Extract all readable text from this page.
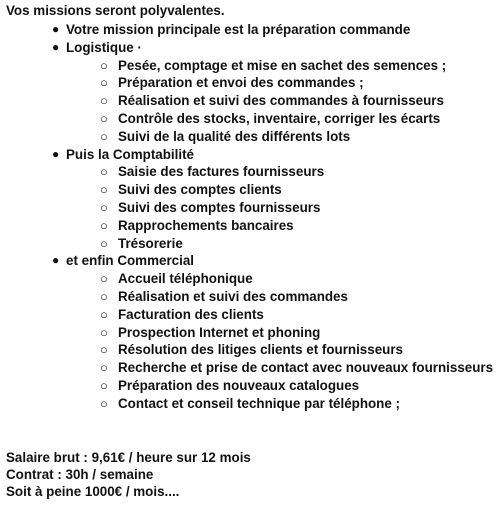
Vos missions seront polyvalentes.
● Votre mission principale est la préparation commande
● Logistique ·
○ Pesée, comptage et mise en sachet des semences ;
○ Préparation et envoi des commandes ;
○ Réalisation et suivi des commandes à fournisseurs
○ Contrôle des stocks, inventaire, corriger les écarts
○ Suivi de la qualité des différents lots
● Puis la Comptabilité
○ Saisie des factures fournisseurs
○ Suivi des comptes clients
○ Suivi des comptes fournisseurs
○ Rapprochements bancaires
○ Trésorerie
● et enfin Commercial
○ Accueil téléphonique
○ Réalisation et suivi des commandes
○ Facturation des clients
○ Prospection Internet et phoning
○ Résolution des litiges clients et fournisseurs
○ Recherche et prise de contact avec nouveaux fournisseurs
○ Préparation des nouveaux catalogues
○ Contact et conseil technique par téléphone ;
Salaire brut : 9,61€ / heure sur 12 mois
Contrat : 30h / semaine
Soit à peine 1000€ / mois....
